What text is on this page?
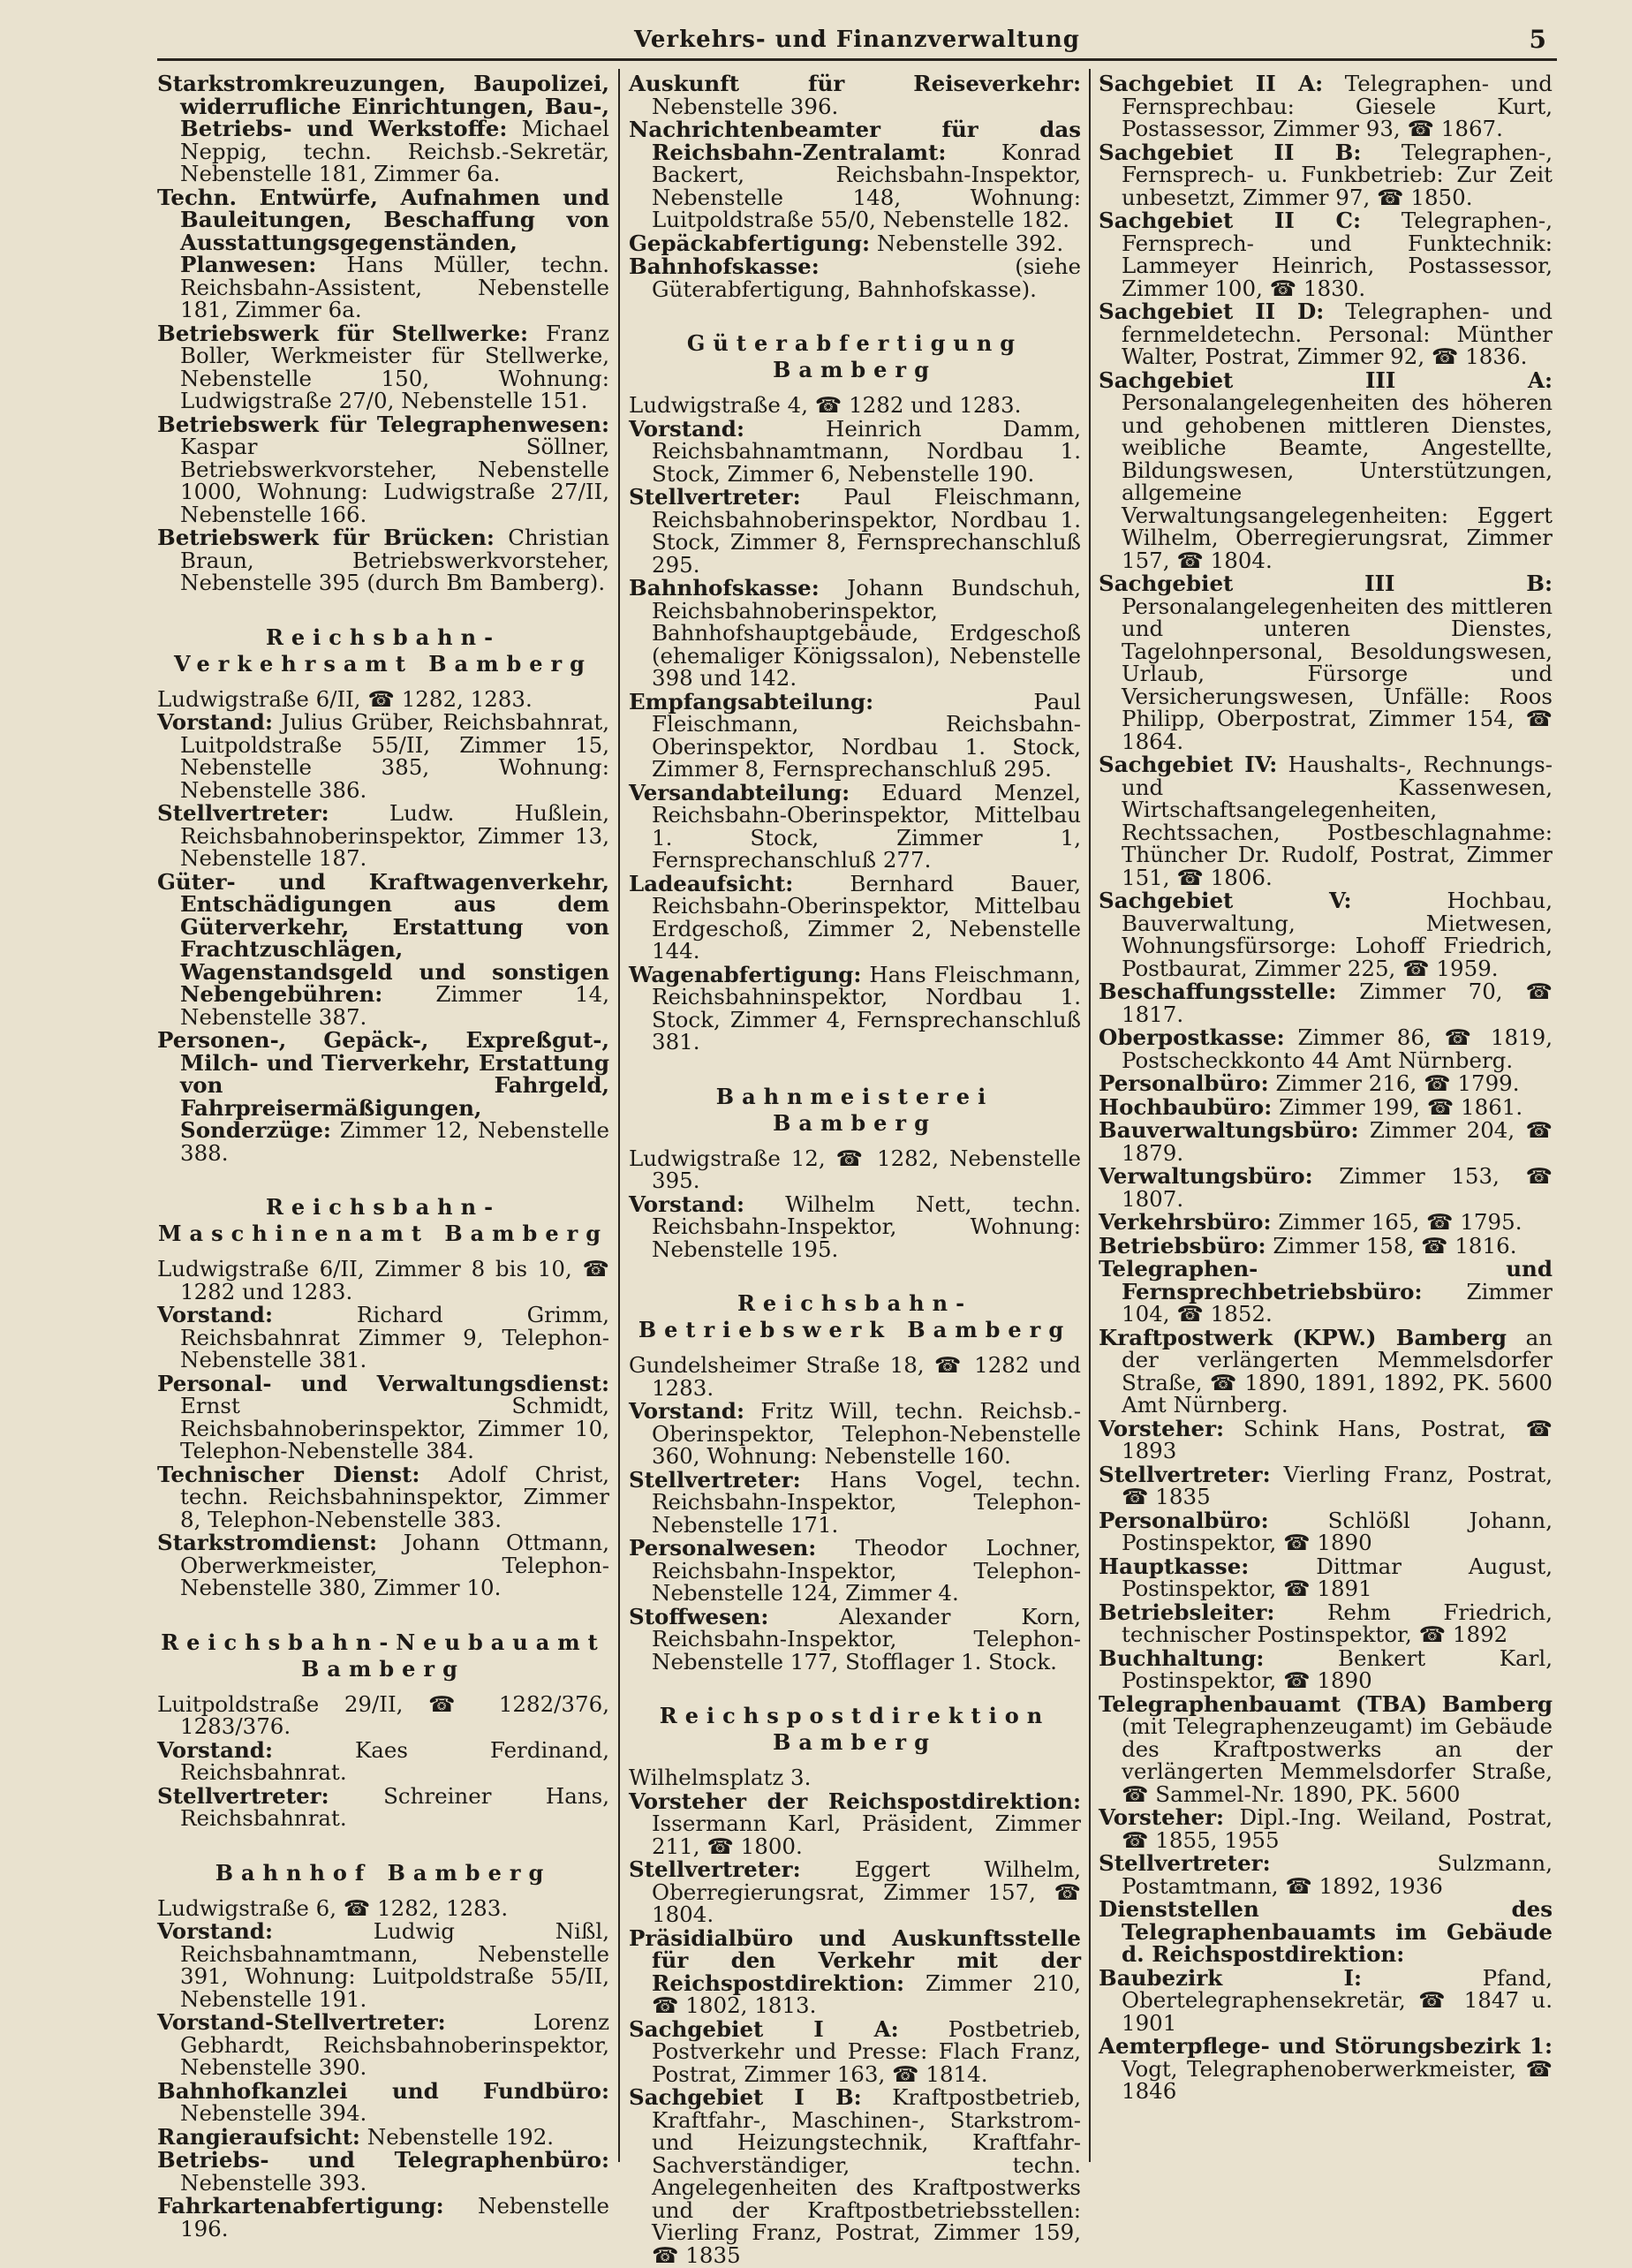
Verkehrs- und Finanzverwaltung	5
Starkstromkreuzungen, Baupolizei, widerrufliche Einrichtungen, Bau-, Betriebs- und Werkstoffe: Michael Neppig, techn. Reichsb.-Sekretär, Nebenstelle 181, Zimmer 6a.
Techn. Entwürfe, Aufnahmen und Bauleitungen, Beschaffung von Ausstattungsgegenständen, Planwesen: Hans Müller, techn. Reichsbahn-Assistent, Nebenstelle 181, Zimmer 6a.
Betriebswerk für Stellwerke: Franz Boller, Werkmeister für Stellwerke, Nebenstelle 150, Wohnung: Ludwigstraße 27/0, Nebenstelle 151.
Betriebswerk für Telegraphenwesen: Kaspar Söllner, Betriebswerkvorsteher, Nebenstelle 1000, Wohnung: Ludwigstraße 27/II, Nebenstelle 166.
Betriebswerk für Brücken: Christian Braun, Betriebswerkvorsteher, Nebenstelle 395 (durch Bm Bamberg).
Reichsbahn-Verkehrsamt Bamberg
Ludwigstraße 6/II, ☎ 1282, 1283.
Vorstand: Julius Grüber, Reichsbahnrat, Luitpoldstraße 55/II, Zimmer 15, Nebenstelle 385, Wohnung: Nebenstelle 386.
Stellvertreter:	Ludw. Hußlein, Reichsbahnoberinspektor, Zimmer 13, Nebenstelle 187.
Güter- und Kraftwagenverkehr, Entschädigungen aus dem Güterverkehr, Erstattung von Frachtzuschlägen, Wagenstandsgeld und sonstigen Nebengebühren: Zimmer 14, Nebenstelle 387.
Personen-, Gepäck-, Expreßgut-, Milch- und Tierverkehr, Erstattung von Fahrgeld, Fahrpreisermäßigungen, Sonderzüge: Zimmer 12, Nebenstelle 388.
Reichsbahn-Maschinenamt Bamberg
Ludwigstraße 6/II, Zimmer 8 bis 10, ☎ 1282 und 1283.
Vorstand:	Richard Grimm, Reichsbahnrat Zimmer 9, Telephon-Nebenstelle 381.
Personal- und Verwaltungsdienst: Ernst Schmidt, Reichsbahnoberinspektor, Zimmer 10, Telephon-Nebenstelle 384.
Technischer Dienst: Adolf Christ, techn. Reichsbahninspektor, Zimmer 8, Telephon-Nebenstelle 383.
Starkstromdienst: Johann Ottmann, Oberwerkmeister, Telephon-Nebenstelle 380, Zimmer 10.
Reichsbahn-Neubauamt Bamberg
Luitpoldstraße 29/II, ☎ 1282/376, 1283/376.
Vorstand:	Kaes Ferdinand, Reichsbahnrat.
Stellvertreter:	Schreiner Hans, Reichsbahnrat.
Bahnhof Bamberg
Ludwigstraße 6, ☎ 1282, 1283.
Vorstand:	Ludwig Nißl, Reichsbahnamtmann, Nebenstelle 391, Wohnung: Luitpoldstraße 55/II, Nebenstelle 191.
Vorstand-Stellvertreter:	Lorenz Gebhardt, Reichsbahnoberinspektor, Nebenstelle 390.
Bahnhofkanzlei und Fundbüro: Nebenstelle 394.
Rangieraufsicht: Nebenstelle 192.
Betriebs- und Telegraphenbüro: Nebenstelle 393.
Fahrkartenabfertigung: Nebenstelle 196.
Auskunft für Reiseverkehr: Nebenstelle 396.
Nachrichtenbeamter für das Reichsbahn-Zentralamt:	Konrad Backert, Reichsbahn-Inspektor, Nebenstelle 148, Wohnung: Luitpoldstraße 55/0, Nebenstelle 182.
Gepäckabfertigung: Nebenstelle 392.
Bahnhofskasse:	(siehe Güterabfertigung, Bahnhofskasse).
Güterabfertigung Bamberg
Ludwigstraße 4, ☎ 1282 und 1283.
Vorstand:	Heinrich Damm, Reichsbahnamtmann, Nordbau 1. Stock, Zimmer 6, Nebenstelle 190.
Stellvertreter: Paul Fleischmann, Reichsbahnoberinspektor, Nordbau 1. Stock, Zimmer 8, Fernsprechanschluß 295.
Bahnhofskasse: Johann Bundschuh, Reichsbahnoberinspektor, Bahnhofshauptgebäude, Erdgeschoß (ehemaliger Königssalon), Nebenstelle 398 und 142.
Empfangsabteilung:	Paul Fleischmann, Reichsbahn-Oberinspektor, Nordbau 1. Stock, Zimmer 8, Fernsprechanschluß 295.
Versandabteilung: Eduard Menzel, Reichsbahn-Oberinspektor, Mittelbau 1. Stock, Zimmer 1, Fernsprechanschluß 277.
Ladeaufsicht:	Bernhard Bauer, Reichsbahn-Oberinspektor, Mittelbau Erdgeschoß, Zimmer 2, Nebenstelle 144.
Wagenabfertigung: Hans Fleischmann, Reichsbahninspektor, Nordbau 1. Stock, Zimmer 4, Fernsprechanschluß 381.
Bahnmeisterei Bamberg
Ludwigstraße 12, ☎ 1282, Nebenstelle 395.
Vorstand: Wilhelm Nett, techn. Reichsbahn-Inspektor, Wohnung: Nebenstelle 195.
Reichsbahn-Betriebswerk Bamberg
Gundelsheimer Straße 18, ☎ 1282 und 1283.
Vorstand: Fritz Will, techn. Reichsb.-Oberinspektor, Telephon-Nebenstelle 360, Wohnung: Nebenstelle 160.
Stellvertreter: Hans Vogel, techn. Reichsbahn-Inspektor, Telephon-Nebenstelle 171.
Personalwesen: Theodor Lochner, Reichsbahn-Inspektor, Telephon-Nebenstelle 124, Zimmer 4.
Stoffwesen:	Alexander Korn, Reichsbahn-Inspektor, Telephon-Nebenstelle 177, Stofflager 1. Stock.
Reichspostdirektion Bamberg
Wilhelmsplatz 3.
Vorsteher der Reichspostdirektion: Issermann Karl, Präsident, Zimmer 211, ☎ 1800.
Stellvertreter:	Eggert Wilhelm, Oberregierungsrat, Zimmer 157, ☎ 1804.
Präsidialbüro und Auskunftsstelle für den Verkehr mit der Reichspostdirektion: Zimmer 210, ☎ 1802, 1813.
Sachgebiet I A: Postbetrieb, Postverkehr und Presse: Flach Franz, Postrat, Zimmer 163, ☎ 1814.
Sachgebiet I B: Kraftpostbetrieb, Kraftfahr-, Maschinen-, Starkstrom- und Heizungstechnik, Kraftfahr-Sachverständiger, techn. Angelegenheiten des Kraftpostwerks und der Kraftpostbetriebsstellen: Vierling Franz, Postrat, Zimmer 159, ☎ 1835
Sachgebiet II A: Telegraphen- und Fernsprechbau: Giesele Kurt, Postassessor, Zimmer 93, ☎ 1867.
Sachgebiet II B: Telegraphen-, Fernsprech- u. Funkbetrieb: Zur Zeit unbesetzt, Zimmer 97, ☎ 1850.
Sachgebiet II C: Telegraphen-, Fernsprech- und Funktechnik: Lammeyer Heinrich, Postassessor, Zimmer 100, ☎ 1830.
Sachgebiet II D: Telegraphen- und fernmeldetechn. Personal: Münther Walter, Postrat, Zimmer 92, ☎ 1836.
Sachgebiet III A: Personalangelegenheiten des höheren und gehobenen mittleren Dienstes, weibliche Beamte, Angestellte, Bildungswesen, Unterstützungen, allgemeine Verwaltungsangelegenheiten: Eggert Wilhelm, Oberregierungsrat, Zimmer 157, ☎ 1804.
Sachgebiet III B: Personalangelegenheiten des mittleren und unteren Dienstes, Tagelohnpersonal, Besoldungswesen, Urlaub, Fürsorge und Versicherungswesen, Unfälle: Roos Philipp, Oberpostrat, Zimmer 154, ☎ 1864.
Sachgebiet IV: Haushalts-, Rechnungs- und Kassenwesen, Wirtschaftsangelegenheiten, Rechtssachen, Postbeschlagnahme: Thüncher Dr. Rudolf, Postrat, Zimmer 151, ☎ 1806.
Sachgebiet V:	Hochbau, Bauverwaltung, Mietwesen, Wohnungsfürsorge: Lohoff Friedrich, Postbaurat, Zimmer 225, ☎ 1959.
Beschaffungsstelle: Zimmer 70, ☎ 1817.
Oberpostkasse: Zimmer 86, ☎ 1819, Postscheckkonto 44 Amt Nürnberg.
Personalbüro: Zimmer 216, ☎ 1799.
Hochbaubüro: Zimmer 199, ☎ 1861.
Bauverwaltungsbüro: Zimmer 204, ☎ 1879.
Verwaltungsbüro: Zimmer 153, ☎ 1807.
Verkehrsbüro: Zimmer 165, ☎ 1795.
Betriebsbüro: Zimmer 158, ☎ 1816.
Telegraphen- und Fernsprechbetriebsbüro: Zimmer 104, ☎ 1852.
Kraftpostwerk (KPW.) Bamberg an der verlängerten Memmelsdorfer Straße, ☎ 1890, 1891, 1892, PK. 5600 Amt Nürnberg.
Vorsteher: Schink Hans, Postrat, ☎ 1893
Stellvertreter: Vierling Franz, Postrat, ☎ 1835
Personalbüro:	Schlößl Johann, Postinspektor, ☎ 1890
Hauptkasse:	Dittmar August, Postinspektor, ☎ 1891
Betriebsleiter: Rehm Friedrich, technischer Postinspektor, ☎ 1892
Buchhaltung:	Benkert Karl, Postinspektor, ☎ 1890
Telegraphenbauamt (TBA) Bamberg (mit Telegraphenzeugamt) im Gebäude des Kraftpostwerks an der verlängerten Memmelsdorfer Straße, ☎ Sammel-Nr. 1890, PK. 5600
Vorsteher: Dipl.-Ing. Weiland, Postrat, ☎ 1855, 1955
Stellvertreter:	Sulzmann, Postamtmann, ☎ 1892, 1936
Dienststellen des Telegraphenbauamts im Gebäude d. Reichspostdirektion:
Baubezirk I:	Pfand, Obertelegraphensekretär, ☎ 1847 u. 1901
Aemterpflege- und Störungsbezirk 1: Vogt, Telegraphenoberwerkmeister, ☎ 1846
